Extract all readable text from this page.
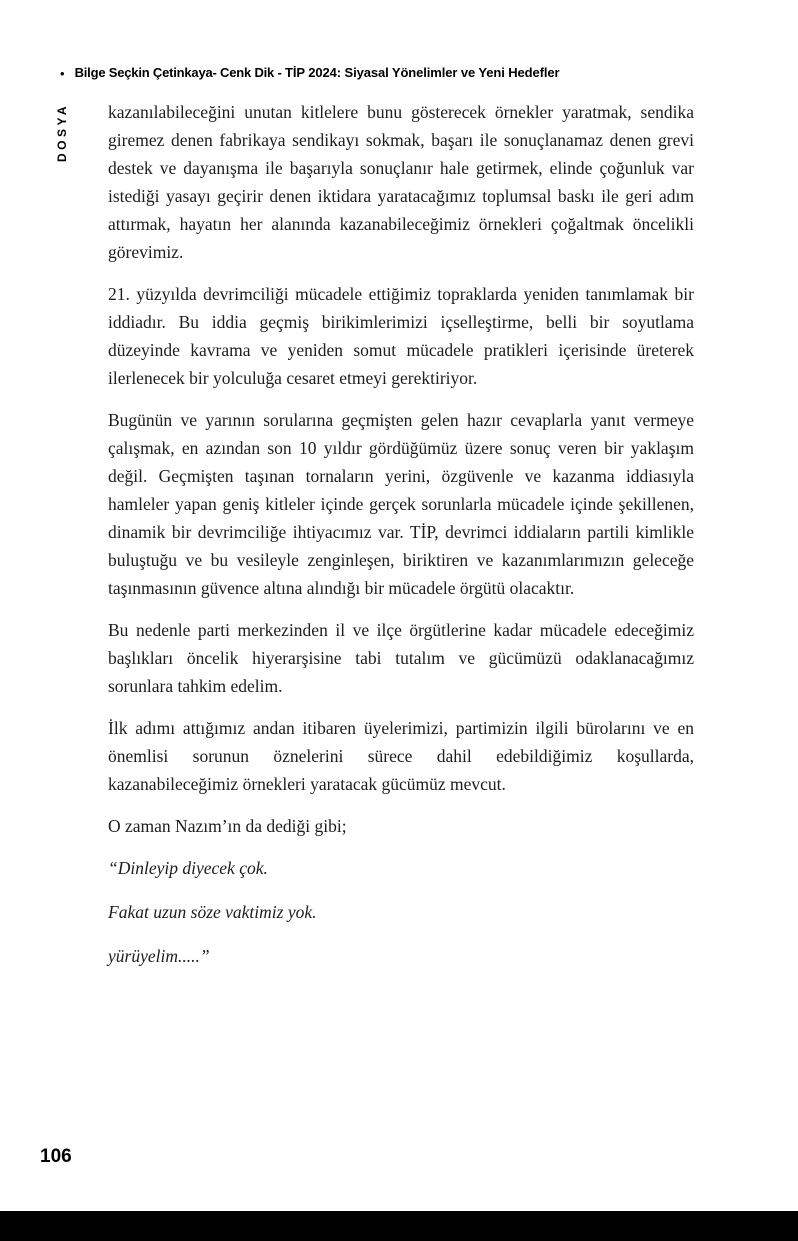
• Bilge Seçkin Çetinkaya- Cenk Dik - TİP 2024: Siyasal Yönelimler ve Yeni Hedefler
DOSYA kazanılabileceğini unutan kitlelere bunu gösterecek örnekler yaratmak, sendika giremez denen fabrikaya sendikayı sokmak, başarı ile sonuçlanamaz denen grevi destek ve dayanışma ile başarıyla sonuçlanır hale getirmek, elinde çoğunluk var istediği yasayı geçirir denen iktidara yaratacağımız toplumsal baskı ile geri adım attırmak, hayatın her alanında kazanabileceğimiz örnekleri çoğaltmak öncelikli görevimiz.

21. yüzyılda devrimciliği mücadele ettiğimiz topraklarda yeniden tanımlamak bir iddiadır. Bu iddia geçmiş birikimlerimizi içselleştirme, belli bir soyutlama düzeyinde kavrama ve yeniden somut mücadele pratikleri içerisinde üreterek ilerlenecek bir yolculuğa cesaret etmeyi gerektiriyor.

Bugünün ve yarının sorularına geçmişten gelen hazır cevaplarla yanıt vermeye çalışmak, en azından son 10 yıldır gördüğümüz üzere sonuç veren bir yaklaşım değil. Geçmişten taşınan tornaların yerini, özgüvenle ve kazanma iddiasıyla hamleler yapan geniş kitleler içinde gerçek sorunlarla mücadele içinde şekillenen, dinamik bir devrimciliğe ihtiyacımız var. TİP, devrimci iddiaların partili kimlikle buluştuğu ve bu vesileyle zenginleşen, biriktiren ve kazanımlarımızın geleceğe taşınmasının güvence altına alındığı bir mücadele örgütü olacaktır.

Bu nedenle parti merkezinden il ve ilçe örgütlerine kadar mücadele edeceğimiz başlıkları öncelik hiyerarşisine tabi tutalım ve gücümüzü odaklanacağımız sorunlara tahkim edelim.

İlk adımı attığımız andan itibaren üyelerimizi, partimizin ilgili bürolarını ve en önemlisi sorunun öznelerini sürece dahil edebildiğimiz koşullarda, kazanabileceğimiz örnekleri yaratacak gücümüz mevcut.

O zaman Nazım’ın da dediği gibi;

“Dinleyip diyecek çok.

Fakat uzun söze vaktimiz yok.

yürüyelim.....”

106
